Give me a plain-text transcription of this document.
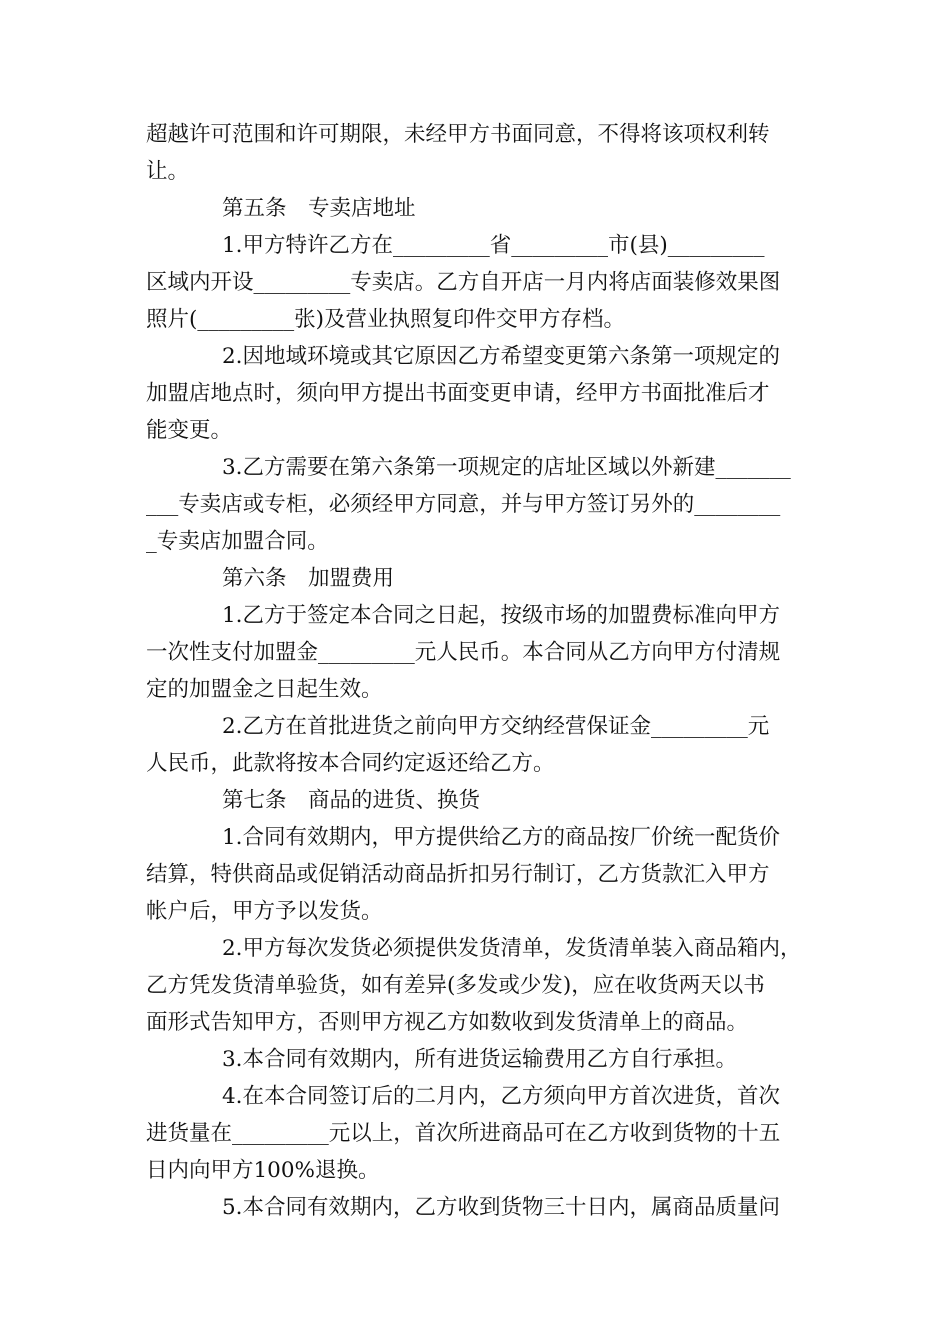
超越许可范围和许可期限，未经甲方书面同意，不得将该项权利转
让。
第五条　专卖店地址
1.甲方特许乙方在_________省_________市(县)_________
区域内开设_________专卖店。乙方自开店一月内将店面装修效果图
照片(_________张)及营业执照复印件交甲方存档。
2.因地域环境或其它原因乙方希望变更第六条第一项规定的
加盟店地点时，须向甲方提出书面变更申请，经甲方书面批准后才
能变更。
3.乙方需要在第六条第一项规定的店址区域以外新建_______
___专卖店或专柜，必须经甲方同意，并与甲方签订另外的________
_专卖店加盟合同。
第六条　加盟费用
1.乙方于签定本合同之日起，按级市场的加盟费标准向甲方
一次性支付加盟金_________元人民币。本合同从乙方向甲方付清规
定的加盟金之日起生效。
2.乙方在首批进货之前向甲方交纳经营保证金_________元
人民币，此款将按本合同约定返还给乙方。
第七条　商品的进货、换货
1.合同有效期内，甲方提供给乙方的商品按厂价统一配货价
结算，特供商品或促销活动商品折扣另行制订，乙方货款汇入甲方
帐户后，甲方予以发货。
2.甲方每次发货必须提供发货清单，发货清单装入商品箱内，
乙方凭发货清单验货，如有差异(多发或少发)，应在收货两天以书
面形式告知甲方，否则甲方视乙方如数收到发货清单上的商品。
3.本合同有效期内，所有进货运输费用乙方自行承担。
4.在本合同签订后的二月内，乙方须向甲方首次进货，首次
进货量在_________元以上，首次所进商品可在乙方收到货物的十五
日内向甲方100%退换。
5.本合同有效期内，乙方收到货物三十日内，属商品质量问
